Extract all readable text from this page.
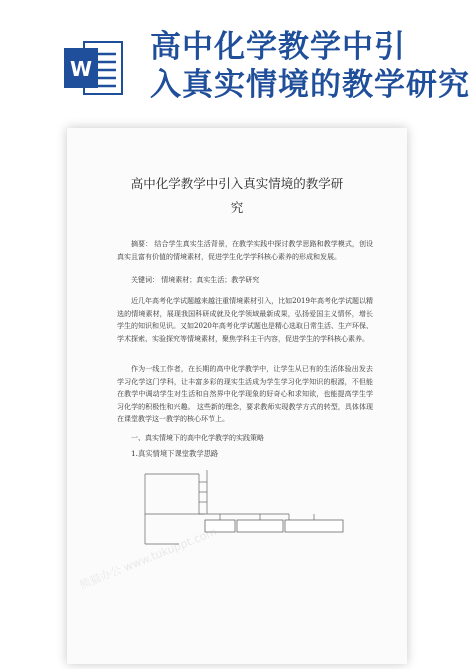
W
高中化学教学中引
入真实情境的教学研究
高中化学教学中引入真实情境的教学研
究
摘要： 结合学生真实生活背景，在教学实践中探讨教学思路和教学模式，创设真实且富有价值的情境素材，促进学生化学学科核心素养的形成和发展。
关键词： 情境素材；真实生活；教学研究
近几年高考化学试题越来越注重情境素材引入，比如2019年高考化学试题以精选的情境素材，展现我国科研成就及化学领域最新成果，弘扬爱国主义情怀，增长学生的知识和见识。又如2020年高考化学试题也是精心选取日常生活、生产环保、学术探索、实验探究等情境素材，聚焦学科主干内容，促进学生的学科核心素养。
作为一线工作者，在长期的高中化学教学中，让学生从已有的生活体验出发去学习化学这门学科，让丰富多彩的现实生活成为学生学习化学知识的根源，不但能在教学中调动学生对生活和自然界中化学现象的好奇心和求知欲，也能提高学生学习化学的积极性和兴趣。 这些新的理念，要求教师实现教学方式的转型，具体体现在课堂教学这一教学的核心环节上。
一、真实情境下的高中化学教学的实践策略
1.真实情境下课堂教学思路
熊猫办公 www.tukuppt.com
